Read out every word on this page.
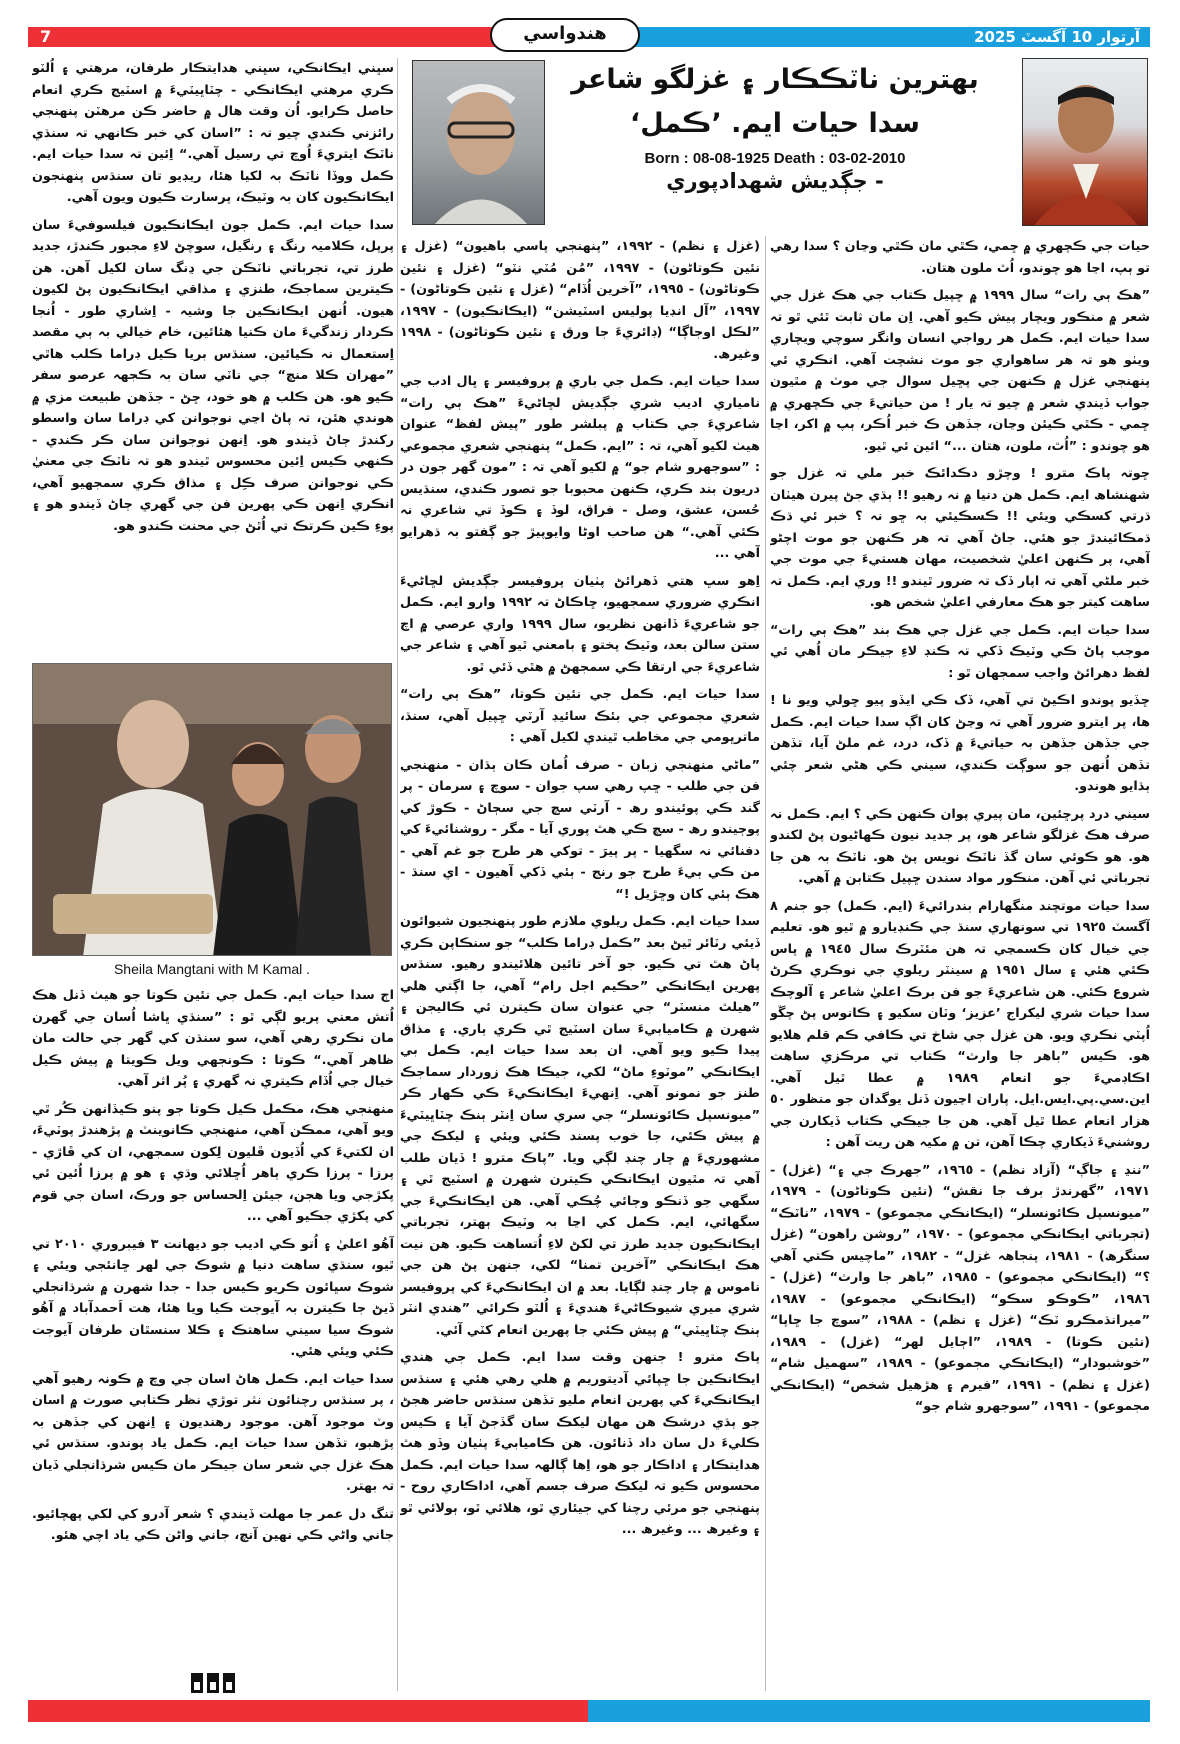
7	هندواسي	آرتوار 10 آگسٽ 2025
بھترين ناٽڪڪار ۽ غزلگو شاعر
سدا حيات ايم. ’ڪمل‘
Born : 08-08-1925 Death : 03-02-2010
- جڳديش شھدادپوري

حيات جي ڪچھري ۾ ڇمي، ڪٿي مان ڪٿي وڃان ؟ سدا رھي تو ٻپ، اڃا ھو چوندو، اُٿ ملون ھتان.

”ھڪ ٻي رات“ سال ١٩٩٩ ۾ ڇپيل ڪتاب جي ھڪ غزل جي شعر ۾ منڪور ويچار پيش ڪيو آھي. اِن مان ثابت ٿئي ٿو تہ سدا حيات ايم. ڪمل ھر رواجي انسان وانگر سوچي ويچاري ويٺو ھو تہ ھر ساھواري جو موت نشچت آھي. انڪري ئي پنھنجي غزل ۾ ڪنھن جي پڇيل سوال جي موٽ ۾ مٿيون جواب ڏيندي شعر ۾ چيو تہ يار ! من حياتيءَ جي ڪچھري ۾ ڇمي - ڪٿي ڪيئن وڃان، جڏھن ڪ خبر اُڪر، ٻپ ۾ اکر، اڃا ھو چوندو : ”اُٿ، ملون، ھتان ...“ ائين ئي ٿيو.

ڇوتہ پاڪ مترو ! وچڙو دڪدائڪ خبر ملي تہ غزل جو شھنشاھ ايم. ڪمل ھن دنيا ۾ نہ رھيو !! ٻڌي جڻ پيرن ھيٺان ڌرتي کسڪي ويئي !! ڪسڪيئي بہ ڇو نہ ؟ خبر ئي ڌڪ ڌمڪائيندڙ جو ھئي. جاڻ آھي تہ ھر ڪنھن جو موت اچڻو آھي، پر ڪنھن اعليٰ شخصيت، مھان ھستيءَ جي موت جي خبر ملڻي آھي تہ اپار ڏک تہ ضرور ٿيندو !! وري ايم. ڪمل تہ ساھت کيتر جو ھڪ معارفي اعليٰ شخص ھو.

سدا حيات ايم. ڪمل جي غزل جي ھڪ بند ”ھڪ ٻي رات“ موجب پاڻ ڪي وٽيڪ ڏکي تہ ڪنڊ لاءِ جيڪر مان اُھي ئي لفظ دھرائڻ واجب سمجھان ٿو :

ڇڏيو پوندو اڪيڻ تي آھي، ڏک ڪي ايڏو پيو ڇولي ويو نا ! ھا، پر ايترو ضرور آھي تہ وڃڻ کان اڳ سدا حيات ايم. ڪمل جي جڏھن جڏھن بہ حياتيءَ ۾ ڏک، درد، غم ملڻ آيا، تڏھن تڏھن اُنھن جو سوڳت ڪندي، سيني ڪي ھڻي شعر چئي ٻڌايو ھوندو.

سيني درد پرڇئين، مان پيري پوان ڪنھن ڪي ؟ ايم. ڪمل نہ صرف ھڪ غزلگو شاعر ھو، پر جديد نيون ڪھاڻيون پڻ لکندو ھو. ھو ڪوئي سان گڏ ناٽڪ نويس پڻ ھو. ناٽڪ بہ ھن جا تجرباتي ئي آھن. منڪور مواد سندن ڇپيل ڪتابن ۾ آھي.

سدا حيات موتچند منگھارام بندرائيءَ (ايم. ڪمل) جو جنم ٨ آگسٽ ١٩٢٥ تي سونھاري سنڌ جي ڪنڊيارو ۾ ٿيو ھو. تعليم جي خيال کان ڪسمڃي تہ ھن مئٽرڪ سال ١٩٤٥ ۾ پاس ڪئي ھئي ۽ سال ١٩٥١ ۾ سينٽر ريلوي جي نوڪري ڪرڻ شروع ڪئي. ھن شاعريءَ جو فن برڪ اعليٰ شاعر ۽ آلوچڪ سدا حيات شري ليکراج ’عزيز‘ وٽان سکيو ۽ ڪانوس پڻ چڱو اُپٽي نڪري ويو. ھن غزل جي شاخ تي ڪافي ڪم قلم ھلايو ھو. ڪيس ”باھر جا وارث“ ڪتاب تي مرڪزي ساھت اڪاڊميءَ جو انعام ١٩٨٩ ۾ عطا ٿيل آھي. اين.سي.پي.ايس.ايل. پاران اڃيون ڏنل يوگدان جو منظور ٥٠ ھزار انعام عطا ٿيل آھي. ھن جا جيڪي ڪتاب ڏيکارن جي روشنيءَ ڏيکاري چڪا آھن، تن ۾ مکيہ ھن ريت آھن :

”ننڍ ۽ جاڳ“ (آزاد نظم) - ١٩٦٥، ”جھرڪ جي ۽“ (غزل) - ١٩٧١، ”گھرندڙ برف جا نقش“ (نئين ڪوتاڻون) - ١٩٧٩، ”ميونسپل ڪائونسلر“ (ايڪانڪي مجموعو) - ١٩٧٩، ”ناٽڪ“ (تجرباتي ايڪانڪي مجموعو) - ١٩٧٠، ”روشن راھون“ (غزل سنگرھ) - ١٩٨١، پنجاھہ غزل“ - ١٩٨٢، ”ماچيس ڪتي آھي ؟“ (ايڪانڪي مجموعو) - ١٩٨٥، ”باھر جا وارث“ (غزل) - ١٩٨٦، ”ڪوڪو سڪو“ (ايڪانڪي مجموعو) - ١٩٨٧، ”ميرانڌمڪرو ٽڪ“ (غزل ۽ نظم) - ١٩٨٨، ”سوچ جا ڇاپا“ (نئين ڪوتا) - ١٩٨٩، ”اڄايل لھر“ (غزل) - ١٩٨٩، ”خوشبودار“ (ايڪانڪي مجموعو) - ١٩٨٩، ”سھميل شام“ (غزل ۽ نظم) - ١٩٩١، ”فيرم ۽ ھڙھيل شخص“ (ايڪانڪي مجموعو) - ١٩٩١، ”سوجھرو شام جو“

(غزل ۽ نظم) - ١٩٩٢، ”پنھنجي پاسي باھيون“ (غزل ۽ نئين ڪوتاڻون) - ١٩٩٧، ”مُن مُٽي نٽو“ (غزل ۽ نئين ڪوتاڻون) - ١٩٩٥، ”آخرين اُڏام“ (غزل ۽ نئين ڪوتاڻون) - ١٩٩٧، ”آل انڊيا پوليس اسٽيشن“ (ايڪانڪيون) - ١٩٩٧، ”لڪل اوجاڳا“ (ڊائريءَ جا ورق ۽ نئين ڪوتاڻون) - ١٩٩٨ وغيرھ.

سدا حيات ايم. ڪمل جي باري ۾ پروفيسر ۽ ڀال ادب جي نامياري اديب شري جڳديش لڇاڻيءَ ”ھڪ ٻي رات“ شاعريءَ جي ڪتاب ۾ پبلشر طور ”پيش لفظ“ عنوان ھيٺ لکيو آھي، تہ : ”ايم. ڪمل“ پنھنجي شعري مجموعي : ”سوجھرو شام جو“ ۾ لکيو آھي تہ : ”مون گھر جون در دريون بند ڪري، ڪنھن محبوبا جو تصور ڪندي، سنڌيس حُسن، عشق، وصل - فراق، لوڏ ۽ ڪوڏ تي شاعري نہ ڪئي آھي.“ ھن صاحب اوڻا وايوپيڙ جو ڳفتو بہ ڌھرايو آھي ...

اِھو سڀ ھتي ڏھرائڻ پٺيان پروفيسر جڳديش لڇاڻيءَ انڪري ضروري سمجھيو، ڇاڪاڻ تہ ١٩٩٢ وارو ايم. ڪمل جو شاعريءَ ڏانھن نظريو، سال ١٩٩٩ واري عرصي ۾ اچ ستن سالن بعد، وٽيڪ پختو ۽ بامعني ٿيو آھي ۽ شاعر جي شاعريءَ جي ارتقا ڪي سمجھڻ ۾ ھٿي ڏئي ٿو.

سدا حيات ايم. ڪمل جي نئين ڪوتا، ”ھڪ ٻي رات“ شعري مجموعي جي بئڪ سائيڊ آرٽي ڇپيل آھي، سنڌ، ماترڀومي جي مخاطب ٿيندي لکيل آھي :

”ماڻي منھنجي زبان - صرف اُمان ڪان ٻڌان - منھنجي فن جي طلب - ڇپ رھي سپ جوان - سوچ ۽ سرمان - پر گند ڪي پوئيندو رھ - آرٽي سچ جي سڄاڻ - ڪوڙ کي پوڄيندو رھ - سچ ڪي ھٿ پوري آيا - مگر - روشنائيءَ کي دفنائي نہ سگھيا - پر پيرَ - توکي ھر طرح جو غم آھي - من ڪي ٻيءَ طرح جو رنج - ٻئي ڏکي آھيون - اي سنڌ - ھڪ ٻئي کان وڇڙيل !“

سدا حيات ايم. ڪمل ريلوي ملازم طور پنھنجيون شيوائون ڏيئي رٽائر ٿيڻ بعد ”ڪمل ڊراما ڪلب“ جو سنڪاپن ڪري پاڻ ھٿ تي ڪيو. جو آخر تائين ھلائيندو رھيو. سنڌس پھرين ايڪانڪي ”حڪيم اجل رام“ آھي، جا اڳتي ھلي ”ھيلٿ منسٽر“ جي عنوان سان ڪيترن ئي ڪاليجن ۽ شھرن ۾ ڪاميابيءَ سان اسٽيج ٿي ڪري ٻاري. ۽ مذاق پيدا ڪيو ويو آھي. ان بعد سدا حيات ايم. ڪمل بي ايڪانڪي ”موٽوءِ ماڻ“ لکي، جيڪا ھڪ زوردار سماجڪ طنز جو نمونو آھي. اِنھيءَ ايڪانڪيءَ ڪي ڪھار ڪر ”ميونسپل ڪائونسلر“ جي سري سان اِنٽر ٻنڪ چٽاڀيٽيءَ ۾ پيش ڪئي، جا خوب پسند ڪئي ويئي ۽ ليکڪ جي مشھوريءَ ۾ چار چنڊ لڳي ويا. ”پاڪ مترو ! ڏيان طلب آھي تہ مٿيون ايڪانڪي ڪيترن شھرن ۾ اسٽيج ٿي ۽ سگھي جو ڏنڪو وڄائي چُڪي آھي. ھن ايڪانڪيءَ جي سگھائي، ايم. ڪمل کي اڃا بہ وٽيڪ ٻھتر، تجرباتي ايڪانڪيون جديد طرز تي لکڻ لاءِ اُتساھت ڪيو. ھن نيت ھڪ ايڪانڪي ”آخرين تمنا“ لکي، جنھن پڻ ھن جي ناموس ۾ چار چنڊ لڳايا. بعد ۾ ان ايڪانڪيءَ کي پروفيسر شري ميري شيوڪاڻيءَ ھنديءَ ۽ اُلٽو ڪرائي ”ھندي انٽر ٻنڪ چٽاڀيٽي“ ۾ پيش ڪئي جا پھرين انعام کٽي آئي.

پاڪ مترو ! جنھن وقت سدا ايم. ڪمل جي ھندي ايڪانڪين جا ڇپائي آديتوريم ۾ ھلي رھي ھئي ۽ سنڌس ايڪانڪيءَ کي پھرين انعام مليو تڏھن سنڌس حاضر ھجڻ جو ٻڌي درشڪ ھن مھان ليکڪ سان گڏجڻ آيا ۽ ڪيس ڪليءَ دل سان داد ڏنائون. ھن ڪاميابيءَ پٺيان وڏو ھٿ ھدايتڪار ۽ اداڪار جو ھو، اِھا ڳالھہ سدا حيات ايم. ڪمل محسوس ڪيو تہ ليکڪ صرف جسم آھي، اداڪاري روح - پنھنجي جو مرئي رچنا کي جيئاري ٿو، ھلائي ٿو، ٻولائي ٿو ۽ وغيرھ ... وغيرھ ...

سڀني ايڪانڪي، سڀني ھدايتڪار طرفان، مرھتي ۽ اُلٽو ڪري مرھتي ايڪانڪي - چٽاڀيٽيءَ ۾ اسٽيج ڪري انعام حاصل ڪرايو. اُن وقت ھال ۾ حاضر ڪن مرھٽن پنھنجي رائزني ڪندي چيو تہ : ”اسان کي خبر ڪانھي تہ سنڌي ناٽڪ ايتريءَ اُوچ تي رسيل آھي.“ اِئين تہ سدا حيات ايم. ڪمل ووڏا ناٽڪ بہ لکيا ھئا، ريڊيو تان سنڌس پنھنجون ايڪانڪيون کان بہ وٽيڪ، پرسارت ڪيون ويون آھي.

سدا حيات ايم. ڪمل جون ايڪانڪيون فيلسوفيءَ سان پرپل، ڪلاميہ رنگ ۽ رنگيل، سوچڻ لاءِ مجبور ڪندڙ، جديد طرز تي، تجرباتي ناٽڪن جي ڍنگ سان لکيل آھن. ھن ڪيترين سماجڪ، طنزي ۽ مذاقي ايڪانڪيون پڻ لکيون ھيون. اُنھن ايڪانڪين جا وشيہ - اِشاري طور - اُنجا ڪردار زندگيءَ مان ڪنيا ھئائين، خام خيالي بہ ٻي مقصد اِستعمال نہ ڪيائين. سنڌس بريا ڪيل ڊراما ڪلب ھاٿي ”مھران ڪلا منچ“ جي ناٽي سان بہ ڪجھہ عرصو سفر ڪيو ھو. ھن ڪلب ۾ ھو خود، ڇڻ - جڏھن طبيعت مزي ۾ ھوندي ھئن، تہ پاڻ اڃي نوجوانن کي ڊراما سان واسطو رکندڙ ڄاڻ ڏيندو ھو. اِنھن نوجوانن سان ڪر ڪندي - ڪنھي ڪيس اِئين محسوس ٿيندو ھو تہ ناٽڪ جي معنيٰ ڪي نوجوانن صرف ڪِل ۽ مذاق ڪري سمجھيو آھي، انڪري اِنھن ڪي پھرين فن جي گھري ڄاڻ ڏيندو ھو ۽ پوءِ ڪين ڪرتڪ تي اُٿڻ جي محنت ڪندو ھو.

Sheila Mangtani with M Kamal .

اڄ سدا حيات ايم. ڪمل جي نئين ڪوتا جو ھيٺ ڏنل ھڪ اُتش معني پريو لڳي ٿو : ”سنڌي ڀاشا اُسان جي گھرن مان نڪري رھي آھي، سو سنڌن کي گھر جي حالت مان ظاھر آھي.“ ڪوتا : ڪونجھي ويل ڪويتا ۾ پيش ڪيل خيال جي اُڏام ڪيتري نہ گھري ۽ پُر اثر آھي.

منھنجي ھڪ، مڪمل ڪيل ڪوتا جو پنو ڪيڏانھن ڪُر ٿي ويو آھي، ممڪن آھي، منھنجي ڪانوينٽ ۾ پڙھندڙ پوٽيءَ، ان لکتيءَ کي اُڏيون ڦليون لِکون سمجھي، ان کي ڦاڙي - پرزا - پرزا ڪري ٻاھر اُڇلائي وڌي ۽ ھو ۾ پرزا اُئين ئي پکڙجي ويا ھجن، جيئن اِلحساس جو ورڪ، اسان جي قوم کي پکڙي جڪيو آھي ...

آھُو اعليٰ ۽ اُتو ڪي اديب جو ديھانت ٣ فيبروري ٢٠١٠ تي ٿيو، سنڌي ساھت دنيا ۾ شوڪ جي لھر ڇانئجي ويئي ۽ شوڪ سڀائون ڪريو ڪيس جدا - جدا شھرن ۾ شرڌانجلي ڏيڻ جا ڪيترن بہ آيوجت ڪيا ويا ھئا، ھت اَحمدآباد ۾ آھُو شوڪ سيا سيني ساھتڪ ۽ ڪلا سنسٿان طرفان آيوجت ڪئي ويئي ھئي.

سدا حيات ايم. ڪمل ھاڻ اسان جي وچ ۾ ڪونہ رھيو آھي ، پر سنڌس رچنائون نثر توڙي نظر ڪتابي صورت ۾ اسان وٽ موجود آھن. موجود رھنديون ۽ اِنھن کي جڏھن بہ پڙھبو، تڏھن سدا حيات ايم. ڪمل ياد پوندو. سنڌس ئي ھڪ غزل جي شعر سان جيڪر مان ڪيس شرڌانجلي ڏيان تہ بھتر.

تنگ دل عمر جا مھلت ڏيندي ؟ شعر آدرو کي لکي پھچائيو. جاني واڻي ڪي نھين آنچ، جاني واڻن ڪي ياد اچي ھئو.
